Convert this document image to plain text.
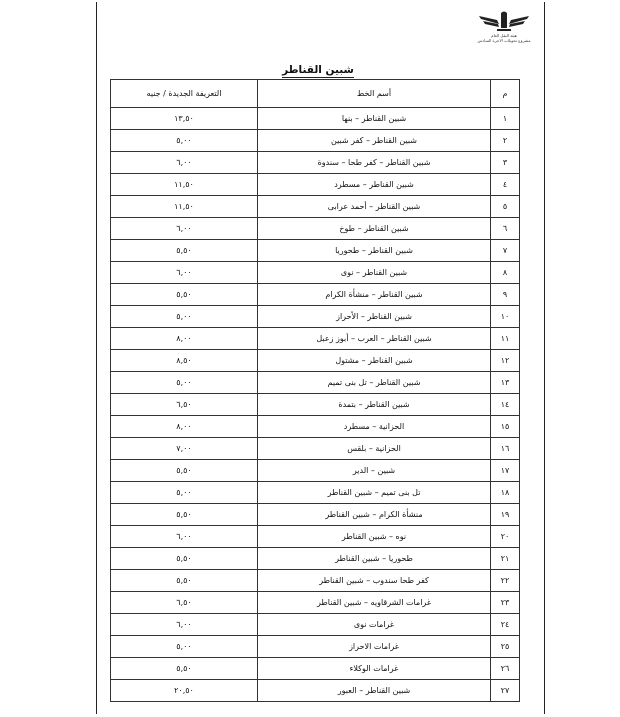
هيئة النقل العام
مشروع تحويلات الاجرة السادس
شبين القناطر
م	أسم الخط	التعريفة الجديدة / جنيه
١	شبين القناطر – بنها	١٣,٥٠
٢	شبين القناطر – كفر شبين	٥,٠٠
٣	شبين القناطر – كفر طحا – سندوة	٦,٠٠
٤	شبين القناطر – مسطرد	١١,٥٠
٥	شبين القناطر – أحمد عرابى	١١,٥٠
٦	شبين القناطر – طوخ	٦,٠٠
٧	شبين القناطر – طحوريا	٥,٥٠
٨	شبين القناطر – نوى	٦,٠٠
٩	شبين القناطر – منشأة الكرام	٥,٥٠
١٠	شبين القناطر – الأحراز	٥,٠٠
١١	شبين القناطر – العرب – أبوز زعبل	٨,٠٠
١٢	شبين القناطر – مشتول	٨,٥٠
١٣	شبين القناطر – تل بنى تميم	٥,٠٠
١٤	شبين القناطر – بتمدة	٦,٥٠
١٥	الحزانية – مسطرد	٨,٠٠
١٦	الحزانية – بلقس	٧,٠٠
١٧	شبين – الدير	٥,٥٠
١٨	تل بنى تميم – شبين القناطر	٥,٠٠
١٩	منشأة الكرام – شبين القناطر	٥,٥٠
٢٠	نوه – شبين القناطر	٦,٠٠
٢١	طحوريا – شبين القناطر	٥,٥٠
٢٢	كفر طحا سندوب – شبين القناطر	٥,٥٠
٢٣	غرامات الشرقاويه – شبين القناطر	٦,٥٠
٢٤	غرامات نوى	٦,٠٠
٢٥	غرامات الاحراز	٥,٠٠
٢٦	غرامات الوكلاء	٥,٥٠
٢٧	شبين القناطر – العبور	٢٠,٥٠
